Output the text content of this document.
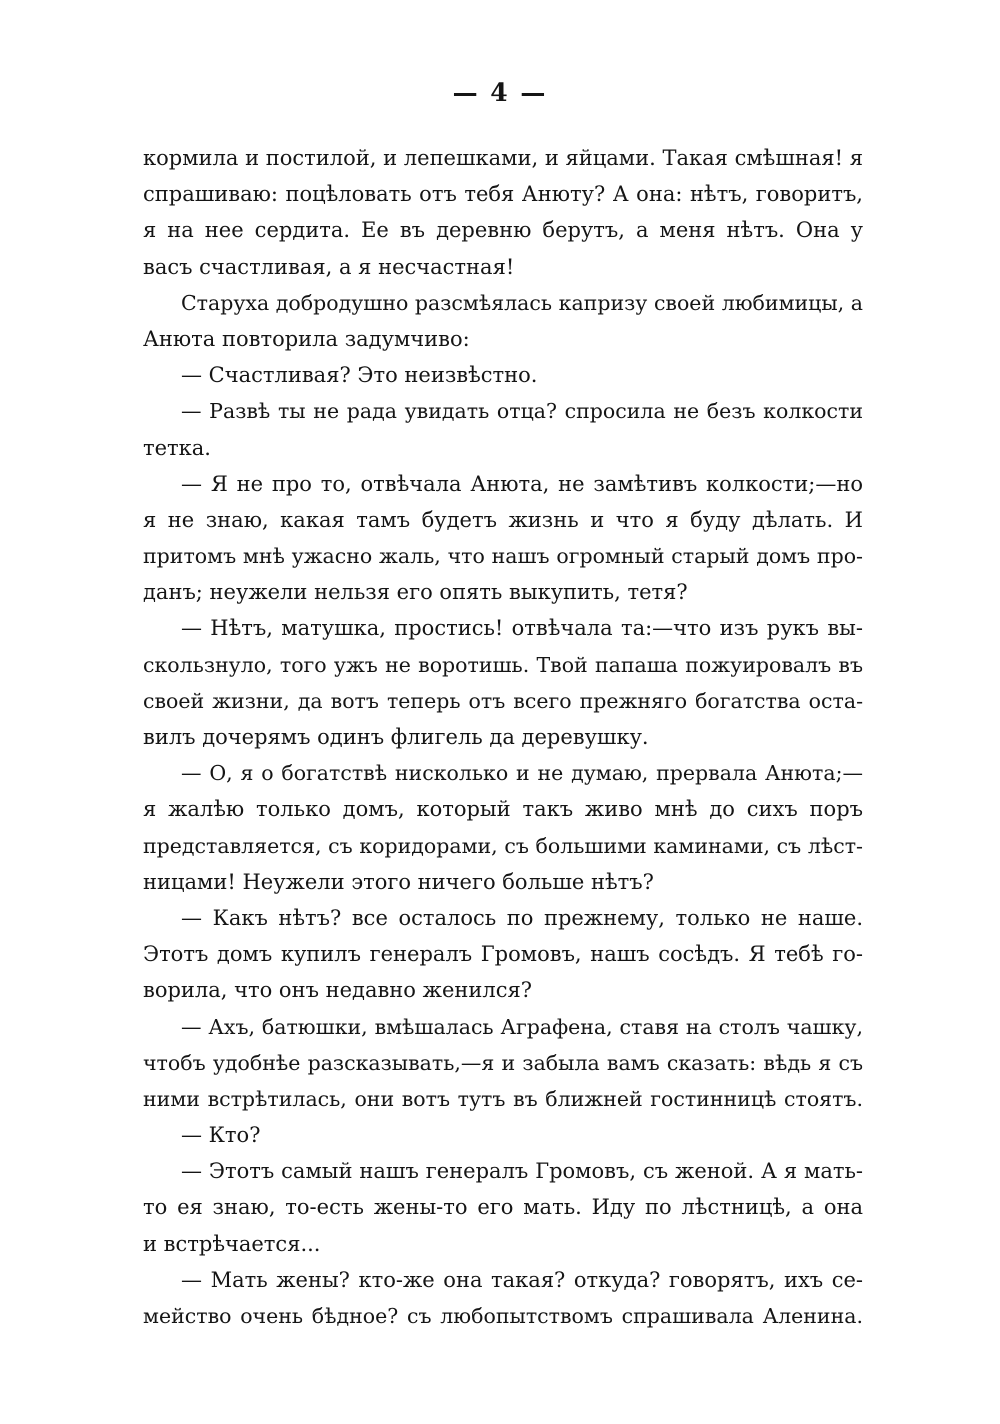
— 4 —
кормила и постилой, и лепешками, и яйцами. Такая смѣшная! я
спрашиваю: поцѣловать отъ тебя Анюту? А она: нѣтъ, говоритъ,
я на нее сердита. Ее въ деревню берутъ, а меня нѣтъ. Она у
васъ счастливая, а я несчастная!
Старуха добродушно разсмѣялась капризу своей любимицы, а
Анюта повторила задумчиво:
— Счастливая? Это неизвѣстно.
— Развѣ ты не рада увидать отца? спросила не безъ колкости
тетка.
— Я не про то, отвѣчала Анюта, не замѣтивъ колкости;—но
я не знаю, какая тамъ будетъ жизнь и что я буду дѣлать. И
притомъ мнѣ ужасно жаль, что нашъ огромный старый домъ про-
данъ; неужели нельзя его опять выкупить, тетя?
— Нѣтъ, матушка, простись! отвѣчала та:—что изъ рукъ вы-
скользнуло, того ужъ не воротишь. Твой папаша пожуировалъ въ
своей жизни, да вотъ теперь отъ всего прежняго богатства оста-
вилъ дочерямъ одинъ флигель да деревушку.
— О, я о богатствѣ нисколько и не думаю, прервала Анюта;—
я жалѣю только домъ, который такъ живо мнѣ до сихъ поръ
представляется, съ коридорами, съ большими каминами, съ лѣст-
ницами! Неужели этого ничего больше нѣтъ?
— Какъ нѣтъ? все осталось по прежнему, только не наше.
Этотъ домъ купилъ генералъ Громовъ, нашъ сосѣдъ. Я тебѣ го-
ворила, что онъ недавно женился?
— Ахъ, батюшки, вмѣшалась Аграфена, ставя на столъ чашку,
чтобъ удобнѣе разсказывать,—я и забыла вамъ сказать: вѣдь я съ
ними встрѣтилась, они вотъ тутъ въ ближней гостинницѣ стоятъ.
— Кто?
— Этотъ самый нашъ генералъ Громовъ, съ женой. А я мать-
то ея знаю, то-есть жены-то его мать. Иду по лѣстницѣ, а она
и встрѣчается...
— Мать жены? кто-же она такая? откуда? говорятъ, ихъ се-
мейство очень бѣдное? съ любопытствомъ спрашивала Аленина.
